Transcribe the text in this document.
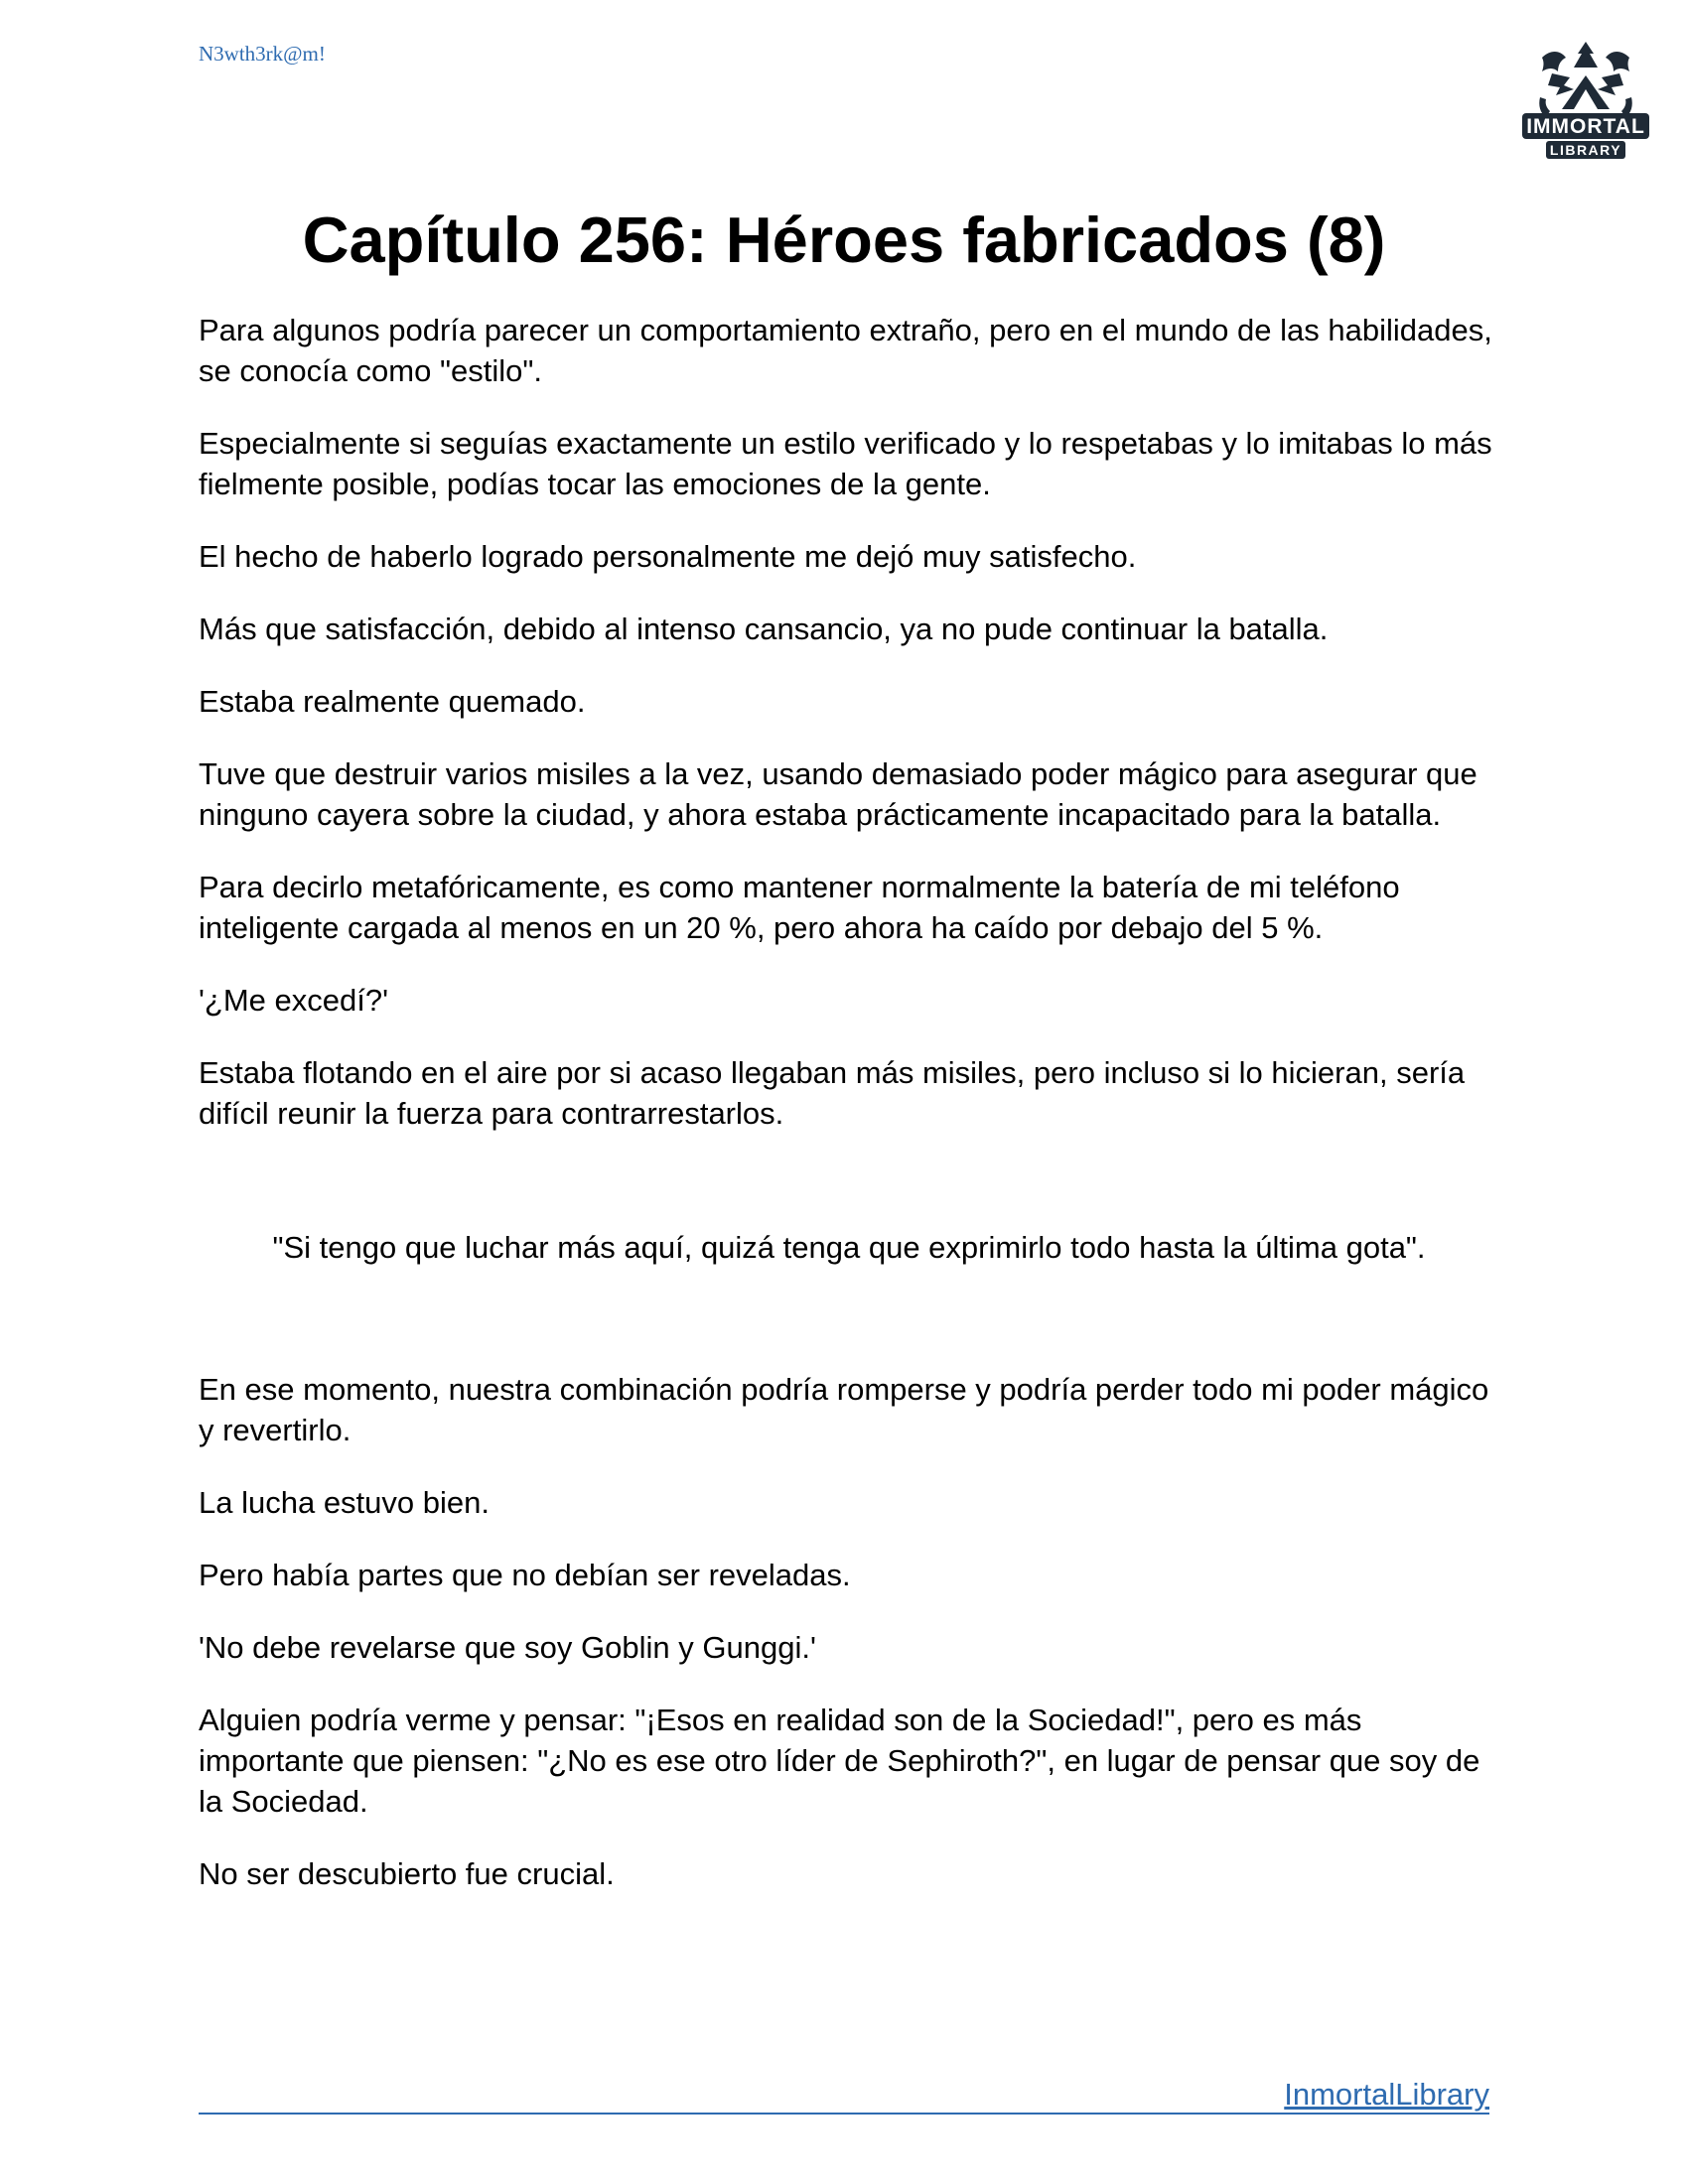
N3wth3rk@m!
IMMORTAL
LIBRARY
Capítulo 256: Héroes fabricados (8)

Para algunos podría parecer un comportamiento extraño, pero en el mundo de las habilidades, se conocía como "estilo".

Especialmente si seguías exactamente un estilo verificado y lo respetabas y lo imitabas lo más fielmente posible, podías tocar las emociones de la gente.

El hecho de haberlo logrado personalmente me dejó muy satisfecho.

Más que satisfacción, debido al intenso cansancio, ya no pude continuar la batalla.

Estaba realmente quemado.

Tuve que destruir varios misiles a la vez, usando demasiado poder mágico para asegurar que ninguno cayera sobre la ciudad, y ahora estaba prácticamente incapacitado para la batalla.

Para decirlo metafóricamente, es como mantener normalmente la batería de mi teléfono inteligente cargada al menos en un 20 %, pero ahora ha caído por debajo del 5 %.

'¿Me excedí?'

Estaba flotando en el aire por si acaso llegaban más misiles, pero incluso si lo hicieran, sería difícil reunir la fuerza para contrarrestarlos.

"Si tengo que luchar más aquí, quizá tenga que exprimirlo todo hasta la última gota".

En ese momento, nuestra combinación podría romperse y podría perder todo mi poder mágico y revertirlo.

La lucha estuvo bien.

Pero había partes que no debían ser reveladas.

'No debe revelarse que soy Goblin y Gunggi.'

Alguien podría verme y pensar: "¡Esos en realidad son de la Sociedad!", pero es más importante que piensen: "¿No es ese otro líder de Sephiroth?", en lugar de pensar que soy de la Sociedad.

No ser descubierto fue crucial.

InmortalLibrary
